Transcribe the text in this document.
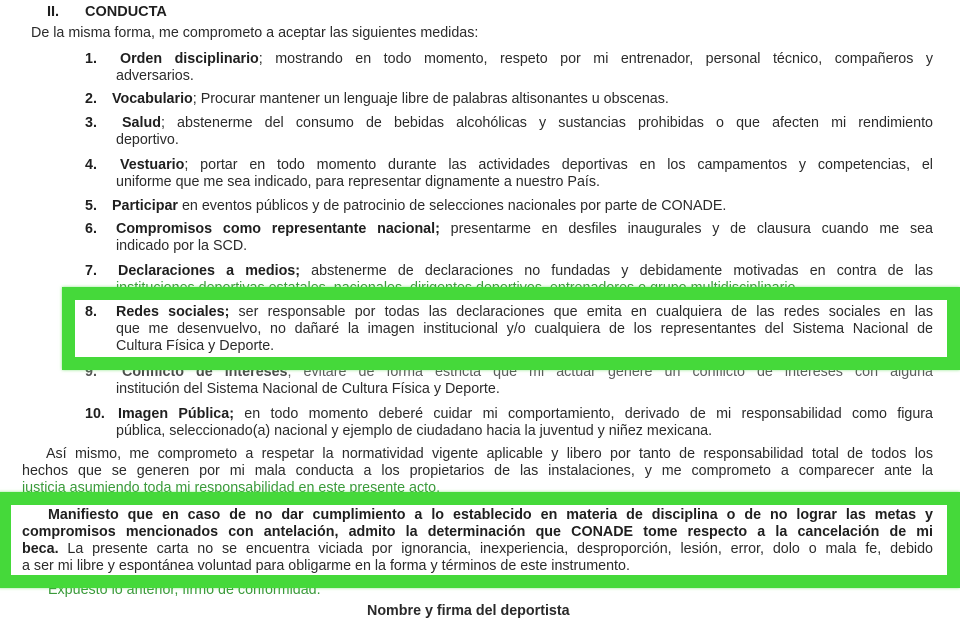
II. CONDUCTA
De la misma forma, me comprometo a aceptar las siguientes medidas:
1. Orden disciplinario; mostrando en todo momento, respeto por mi entrenador, personal técnico, compañeros y
adversarios.
2. Vocabulario; Procurar mantener un lenguaje libre de palabras altisonantes u obscenas.
3. Salud; abstenerme del consumo de bebidas alcohólicas y sustancias prohibidas o que afecten mi rendimiento
deportivo.
4. Vestuario; portar en todo momento durante las actividades deportivas en los campamentos y competencias, el
uniforme que me sea indicado, para representar dignamente a nuestro País.
5. Participar en eventos públicos y de patrocinio de selecciones nacionales por parte de CONADE.
6. Compromisos como representante nacional; presentarme en desfiles inaugurales y de clausura cuando me sea
indicado por la SCD.
7. Declaraciones a medios; abstenerme de declaraciones no fundadas y debidamente motivadas en contra de las
instituciones deportivas estatales, nacionales, dirigentes deportivos, entrenadores o grupo multidisciplinario.
8. Redes sociales; ser responsable por todas las declaraciones que emita en cualquiera de las redes sociales en las
que me desenvuelvo, no dañaré la imagen institucional y/o cualquiera de los representantes del Sistema Nacional de
Cultura Física y Deporte.
9. Conflicto de intereses; evitaré de forma estricta que mi actuar genere un conflicto de intereses con alguna
institución del Sistema Nacional de Cultura Física y Deporte.
10. Imagen Pública; en todo momento deberé cuidar mi comportamiento, derivado de mi responsabilidad como figura
pública, seleccionado(a) nacional y ejemplo de ciudadano hacia la juventud y niñez mexicana.
Así mismo, me comprometo a respetar la normatividad vigente aplicable y libero por tanto de responsabilidad total de todos los
hechos que se generen por mi mala conducta a los propietarios de las instalaciones, y me comprometo a comparecer ante la
justicia asumiendo toda mi responsabilidad en este presente acto.
Manifiesto que en caso de no dar cumplimiento a lo establecido en materia de disciplina o de no lograr las metas y
compromisos mencionados con antelación, admito la determinación que CONADE tome respecto a la cancelación de mi
beca. La presente carta no se encuentra viciada por ignorancia, inexperiencia, desproporción, lesión, error, dolo o mala fe, debido
a ser mi libre y espontánea voluntad para obligarme en la forma y términos de este instrumento.
Expuesto lo anterior, firmo de conformidad.
Nombre y firma del deportista
